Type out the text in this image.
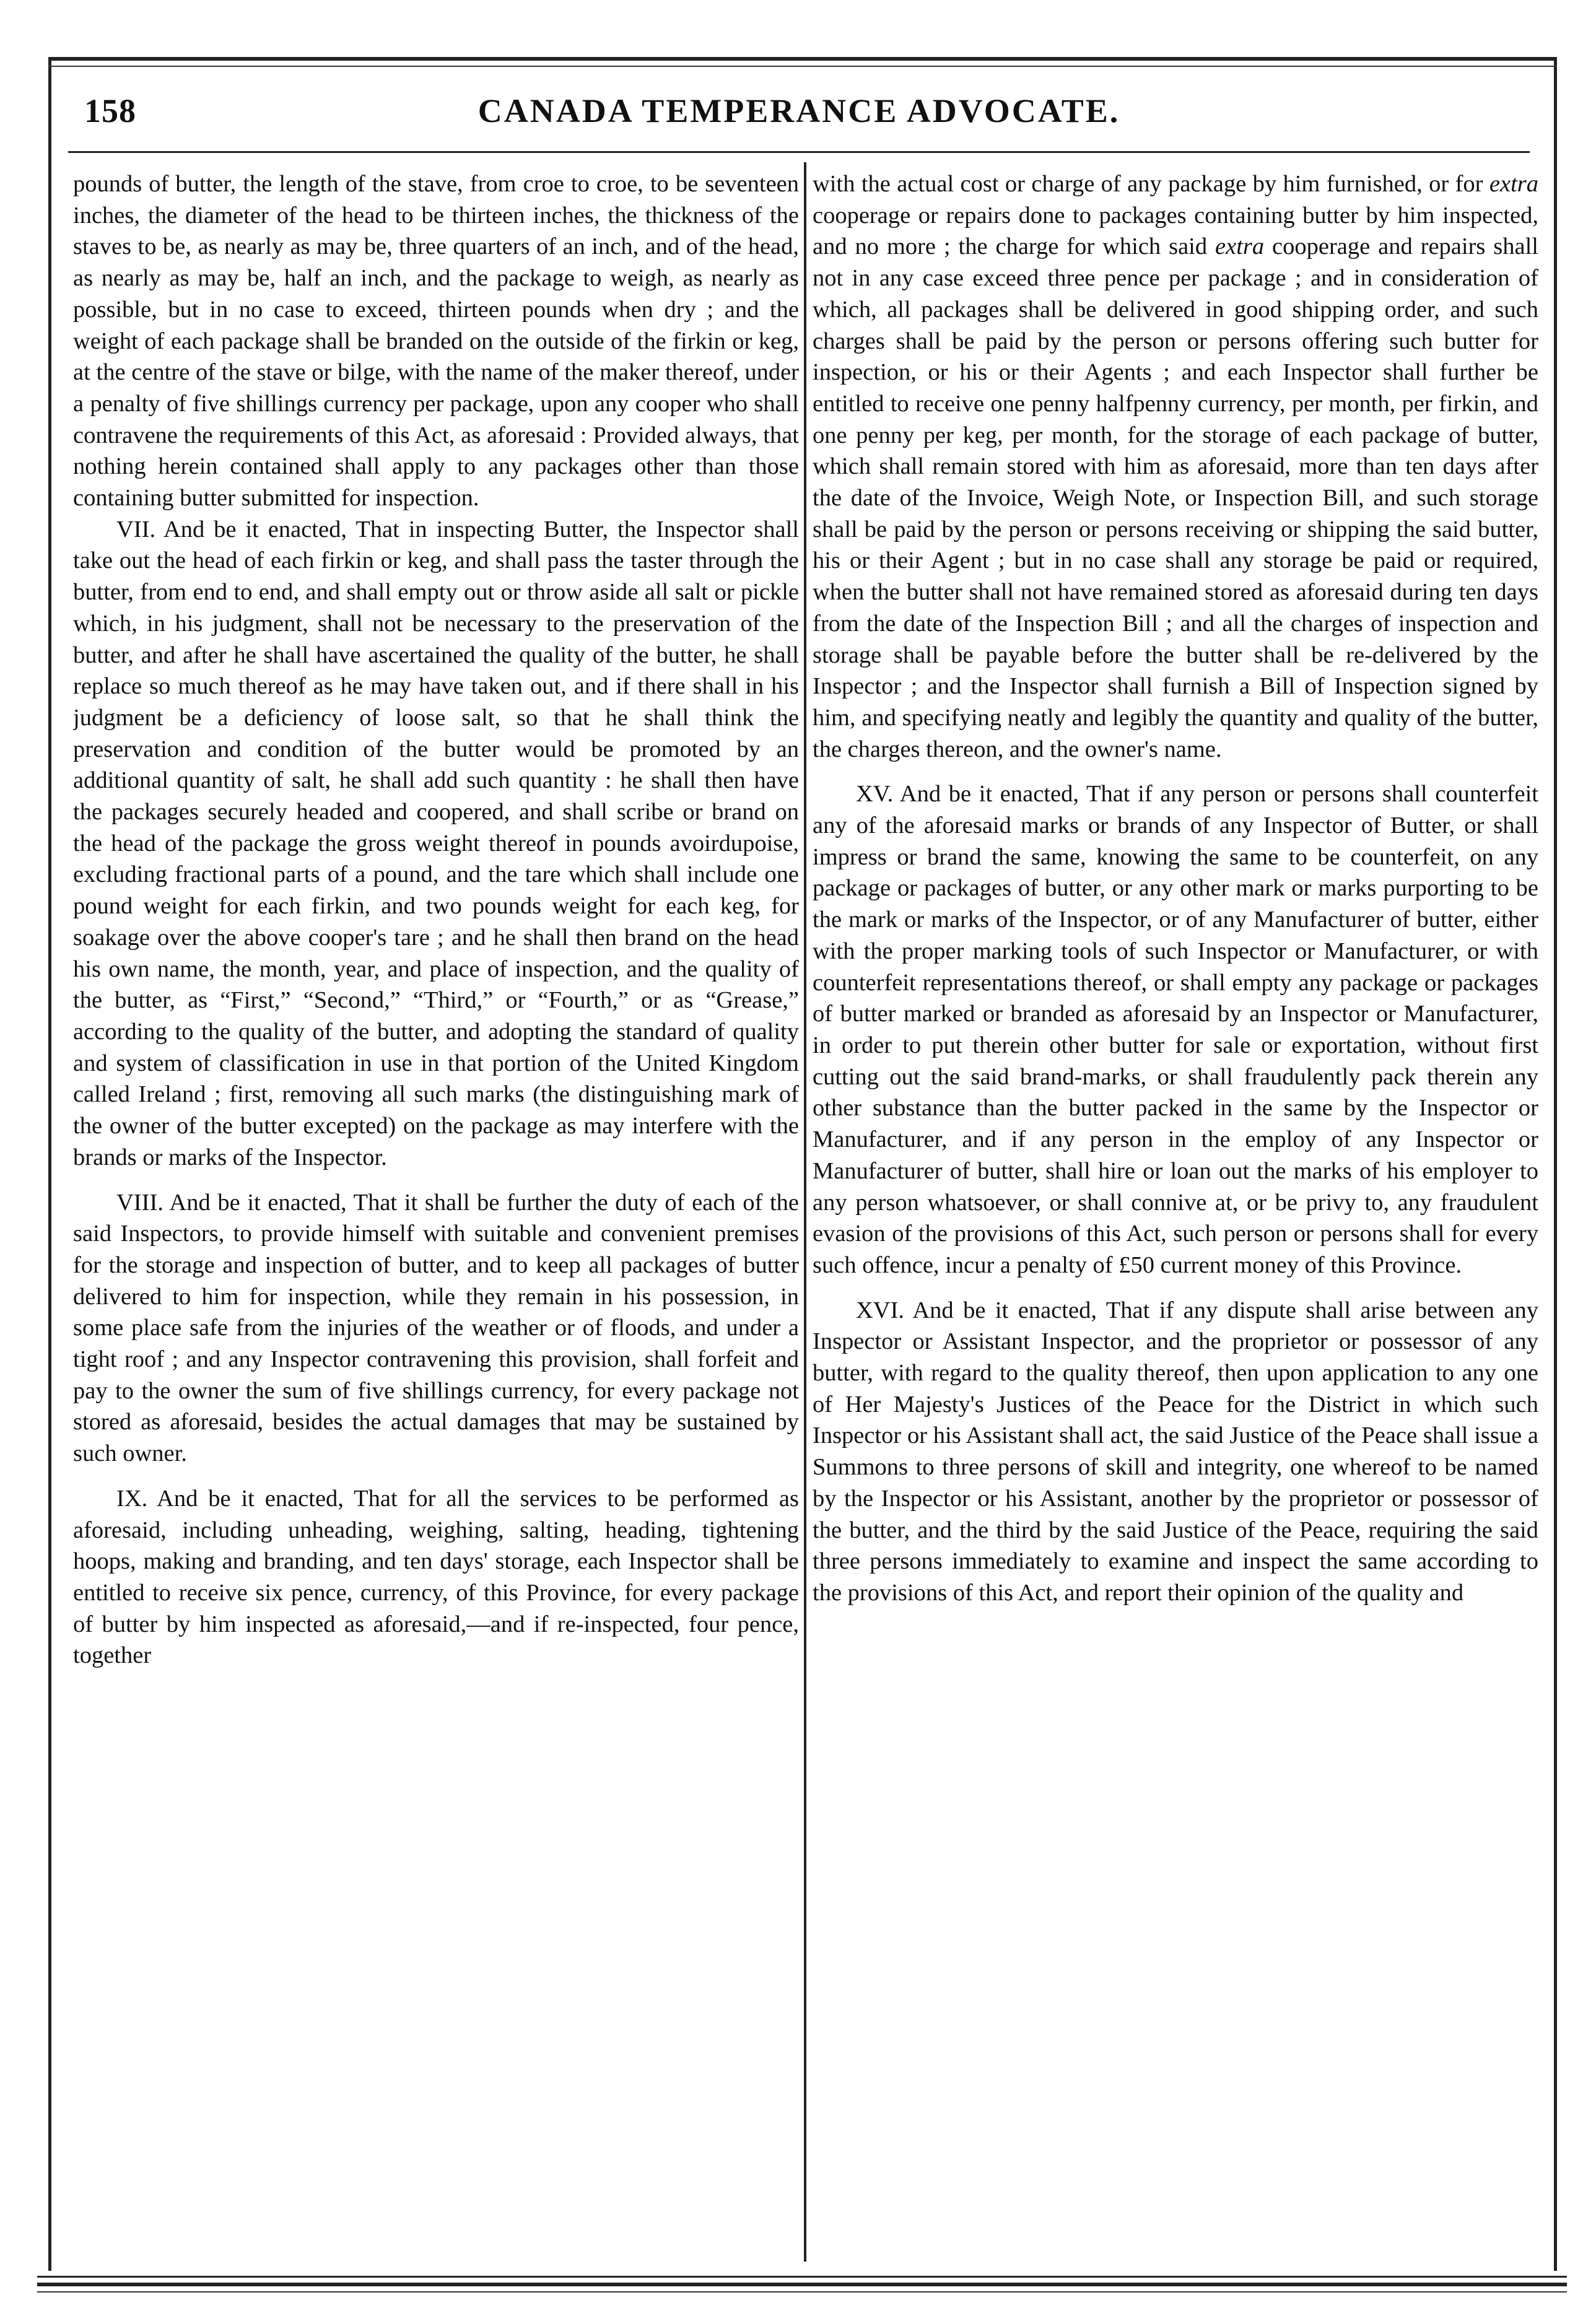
158	CANADA TEMPERANCE ADVOCATE.

pounds of butter, the length of the stave, from croe to croe, to be seventeen inches, the diameter of the head to be thirteen inches, the thickness of the staves to be, as nearly as may be, three quarters of an inch, and of the head, as nearly as may be, half an inch, and the package to weigh, as nearly as possible, but in no case to exceed, thirteen pounds when dry ; and the weight of each package shall be branded on the outside of the firkin or keg, at the centre of the stave or bilge, with the name of the maker thereof, under a penalty of five shillings currency per package, upon any cooper who shall contravene the requirements of this Act, as aforesaid : Provided always, that nothing herein contained shall apply to any packages other than those containing butter submitted for inspection.

VII. And be it enacted, That in inspecting Butter, the Inspector shall take out the head of each firkin or keg, and shall pass the taster through the butter, from end to end, and shall empty out or throw aside all salt or pickle which, in his judgment, shall not be necessary to the preservation of the butter, and after he shall have ascertained the quality of the butter, he shall replace so much thereof as he may have taken out, and if there shall in his judgment be a deficiency of loose salt, so that he shall think the preservation and condition of the butter would be promoted by an additional quantity of salt, he shall add such quantity : he shall then have the packages securely headed and coopered, and shall scribe or brand on the head of the package the gross weight thereof in pounds avoirdupoise, excluding fractional parts of a pound, and the tare which shall include one pound weight for each firkin, and two pounds weight for each keg, for soakage over the above cooper's tare ; and he shall then brand on the head his own name, the month, year, and place of inspection, and the quality of the butter, as “First,” “Second,” “Third,” or “Fourth,” or as “Grease,” according to the quality of the butter, and adopting the standard of quality and system of classification in use in that portion of the United Kingdom called Ireland ; first, removing all such marks (the distinguishing mark of the owner of the butter excepted) on the package as may interfere with the brands or marks of the Inspector.

VIII. And be it enacted, That it shall be further the duty of each of the said Inspectors, to provide himself with suitable and convenient premises for the storage and inspection of butter, and to keep all packages of butter delivered to him for inspection, while they remain in his possession, in some place safe from the injuries of the weather or of floods, and under a tight roof ; and any Inspector contravening this provision, shall forfeit and pay to the owner the sum of five shillings currency, for every package not stored as aforesaid, besides the actual damages that may be sustained by such owner.

IX. And be it enacted, That for all the services to be performed as aforesaid, including unheading, weighing, salting, heading, tightening hoops, making and branding, and ten days' storage, each Inspector shall be entitled to receive six pence, currency, of this Province, for every package of butter by him inspected as aforesaid,—and if re-inspected, four pence, together

with the actual cost or charge of any package by him furnished, or for extra cooperage or repairs done to packages containing butter by him inspected, and no more ; the charge for which said extra cooperage and repairs shall not in any case exceed three pence per package ; and in consideration of which, all packages shall be delivered in good shipping order, and such charges shall be paid by the person or persons offering such butter for inspection, or his or their Agents ; and each Inspector shall further be entitled to receive one penny halfpenny currency, per month, per firkin, and one penny per keg, per month, for the storage of each package of butter, which shall remain stored with him as aforesaid, more than ten days after the date of the Invoice, Weigh Note, or Inspection Bill, and such storage shall be paid by the person or persons receiving or shipping the said butter, his or their Agent ; but in no case shall any storage be paid or required, when the butter shall not have remained stored as aforesaid during ten days from the date of the Inspection Bill ; and all the charges of inspection and storage shall be payable before the butter shall be re-delivered by the Inspector ; and the Inspector shall furnish a Bill of Inspection signed by him, and specifying neatly and legibly the quantity and quality of the butter, the charges thereon, and the owner's name.

XV. And be it enacted, That if any person or persons shall counterfeit any of the aforesaid marks or brands of any Inspector of Butter, or shall impress or brand the same, knowing the same to be counterfeit, on any package or packages of butter, or any other mark or marks purporting to be the mark or marks of the Inspector, or of any Manufacturer of butter, either with the proper marking tools of such Inspector or Manufacturer, or with counterfeit representations thereof, or shall empty any package or packages of butter marked or branded as aforesaid by an Inspector or Manufacturer, in order to put therein other butter for sale or exportation, without first cutting out the said brand-marks, or shall fraudulently pack therein any other substance than the butter packed in the same by the Inspector or Manufacturer, and if any person in the employ of any Inspector or Manufacturer of butter, shall hire or loan out the marks of his employer to any person whatsoever, or shall connive at, or be privy to, any fraudulent evasion of the provisions of this Act, such person or persons shall for every such offence, incur a penalty of £50 current money of this Province.

XVI. And be it enacted, That if any dispute shall arise between any Inspector or Assistant Inspector, and the proprietor or possessor of any butter, with regard to the quality thereof, then upon application to any one of Her Majesty's Justices of the Peace for the District in which such Inspector or his Assistant shall act, the said Justice of the Peace shall issue a Summons to three persons of skill and integrity, one whereof to be named by the Inspector or his Assistant, another by the proprietor or possessor of the butter, and the third by the said Justice of the Peace, requiring the said three persons immediately to examine and inspect the same according to the provisions of this Act, and report their opinion of the quality and
